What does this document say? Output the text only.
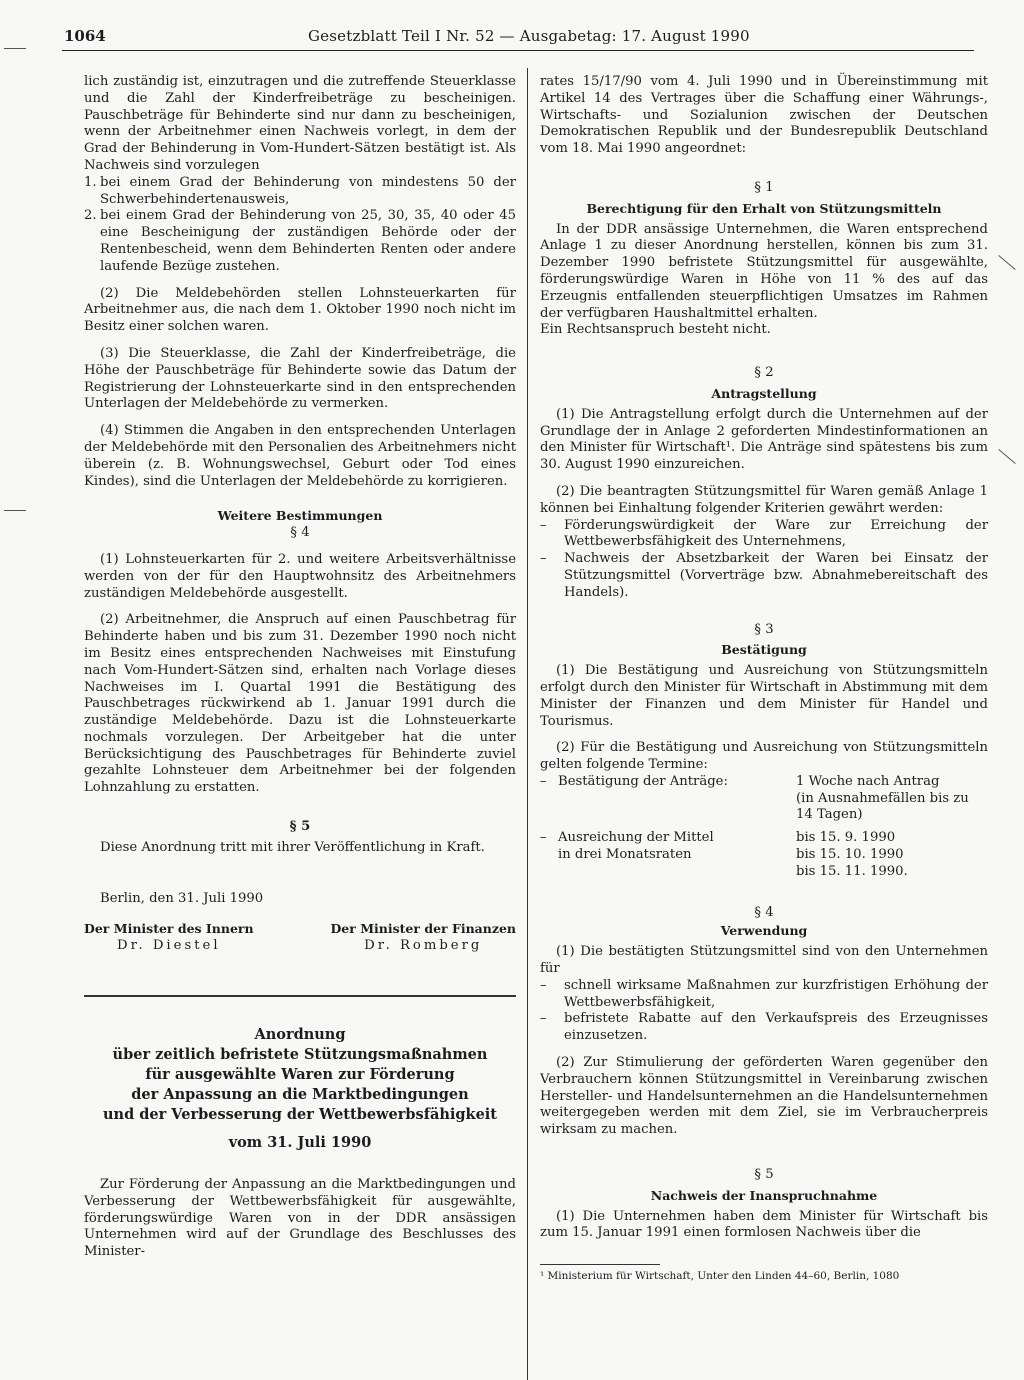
1064	Gesetzblatt Teil I Nr. 52 — Ausgabetag: 17. August 1990

lich zuständig ist, einzutragen und die zutreffende Steuerklasse und die Zahl der Kinderfreibeträge zu bescheinigen. Pauschbeträge für Behinderte sind nur dann zu bescheinigen, wenn der Arbeitnehmer einen Nachweis vorlegt, in dem der Grad der Behinderung in Vom-Hundert-Sätzen bestätigt ist. Als Nachweis sind vorzulegen

1. bei einem Grad der Behinderung von mindestens 50 der Schwerbehindertenausweis,
2. bei einem Grad der Behinderung von 25, 30, 35, 40 oder 45 eine Bescheinigung der zuständigen Behörde oder der Rentenbescheid, wenn dem Behinderten Renten oder andere laufende Bezüge zustehen.

(2) Die Meldebehörden stellen Lohnsteuerkarten für Arbeitnehmer aus, die nach dem 1. Oktober 1990 noch nicht im Besitz einer solchen waren.

(3) Die Steuerklasse, die Zahl der Kinderfreibeträge, die Höhe der Pauschbeträge für Behinderte sowie das Datum der Registrierung der Lohnsteuerkarte sind in den entsprechenden Unterlagen der Meldebehörde zu vermerken.

(4) Stimmen die Angaben in den entsprechenden Unterlagen der Meldebehörde mit den Personalien des Arbeitnehmers nicht überein (z. B. Wohnungswechsel, Geburt oder Tod eines Kindes), sind die Unterlagen der Meldebehörde zu korrigieren.

Weitere Bestimmungen

§ 4

(1) Lohnsteuerkarten für 2. und weitere Arbeitsverhältnisse werden von der für den Hauptwohnsitz des Arbeitnehmers zuständigen Meldebehörde ausgestellt.

(2) Arbeitnehmer, die Anspruch auf einen Pauschbetrag für Behinderte haben und bis zum 31. Dezember 1990 noch nicht im Besitz eines entsprechenden Nachweises mit Einstufung nach Vom-Hundert-Sätzen sind, erhalten nach Vorlage dieses Nachweises im I. Quartal 1991 die Bestätigung des Pauschbetrages rückwirkend ab 1. Januar 1991 durch die zuständige Meldebehörde. Dazu ist die Lohnsteuerkarte nochmals vorzulegen. Der Arbeitgeber hat die unter Berücksichtigung des Pauschbetrages für Behinderte zuviel gezahlte Lohnsteuer dem Arbeitnehmer bei der folgenden Lohnzahlung zu erstatten.

§ 5

Diese Anordnung tritt mit ihrer Veröffentlichung in Kraft.

Berlin, den 31. Juli 1990

Der Minister des Innern
Dr. Diestel
Der Minister der Finanzen
Dr. Romberg
Anordnung
über zeitlich befristete Stützungsmaßnahmen
für ausgewählte Waren zur Förderung
der Anpassung an die Marktbedingungen
und der Verbesserung der Wettbewerbsfähigkeit
vom 31. Juli 1990

Zur Förderung der Anpassung an die Marktbedingungen und Verbesserung der Wettbewerbsfähigkeit für ausgewählte, förderungswürdige Waren von in der DDR ansässigen Unternehmen wird auf der Grundlage des Beschlusses des Minister-

rates 15/17/90 vom 4. Juli 1990 und in Übereinstimmung mit Artikel 14 des Vertrages über die Schaffung einer Währungs-, Wirtschafts- und Sozialunion zwischen der Deutschen Demokratischen Republik und der Bundesrepublik Deutschland vom 18. Mai 1990 angeordnet:

§ 1

Berechtigung für den Erhalt von Stützungsmitteln

In der DDR ansässige Unternehmen, die Waren entsprechend Anlage 1 zu dieser Anordnung herstellen, können bis zum 31. Dezember 1990 befristete Stützungsmittel für ausgewählte, förderungswürdige Waren in Höhe von 11 % des auf das Erzeugnis entfallenden steuerpflichtigen Umsatzes im Rahmen der verfügbaren Haushaltmittel erhalten.

Ein Rechtsanspruch besteht nicht.

§ 2

Antragstellung

(1) Die Antragstellung erfolgt durch die Unternehmen auf der Grundlage der in Anlage 2 geforderten Mindestinformationen an den Minister für Wirtschaft¹. Die Anträge sind spätestens bis zum 30. August 1990 einzureichen.

(2) Die beantragten Stützungsmittel für Waren gemäß Anlage 1 können bei Einhaltung folgender Kriterien gewährt werden:

–	Förderungswürdigkeit der Ware zur Erreichung der Wettbewerbsfähigkeit des Unternehmens,
–	Nachweis der Absetzbarkeit der Waren bei Einsatz der Stützungsmittel (Vorverträge bzw. Abnahmebereitschaft des Handels).

§ 3

Bestätigung

(1) Die Bestätigung und Ausreichung von Stützungsmitteln erfolgt durch den Minister für Wirtschaft in Abstimmung mit dem Minister der Finanzen und dem Minister für Handel und Tourismus.

(2) Für die Bestätigung und Ausreichung von Stützungsmitteln gelten folgende Termine:

– Bestätigung der Anträge:	1 Woche nach Antrag
(in Ausnahmefällen bis zu
14 Tagen)
– Ausreichung der Mittel	bis 15. 9. 1990
in drei Monatsraten	bis 15. 10. 1990
bis 15. 11. 1990.

§ 4

Verwendung

(1) Die bestätigten Stützungsmittel sind von den Unternehmen für

–	schnell wirksame Maßnahmen zur kurzfristigen Erhöhung der Wettbewerbsfähigkeit,
–	befristete Rabatte auf den Verkaufspreis des Erzeugnisses einzusetzen.

(2) Zur Stimulierung der geförderten Waren gegenüber den Verbrauchern können Stützungsmittel in Vereinbarung zwischen Hersteller- und Handelsunternehmen an die Handelsunternehmen weitergegeben werden mit dem Ziel, sie im Verbraucherpreis wirksam zu machen.

§ 5

Nachweis der Inanspruchnahme

(1) Die Unternehmen haben dem Minister für Wirtschaft bis zum 15. Januar 1991 einen formlosen Nachweis über die

¹ Ministerium für Wirtschaft, Unter den Linden 44–60, Berlin, 1080
